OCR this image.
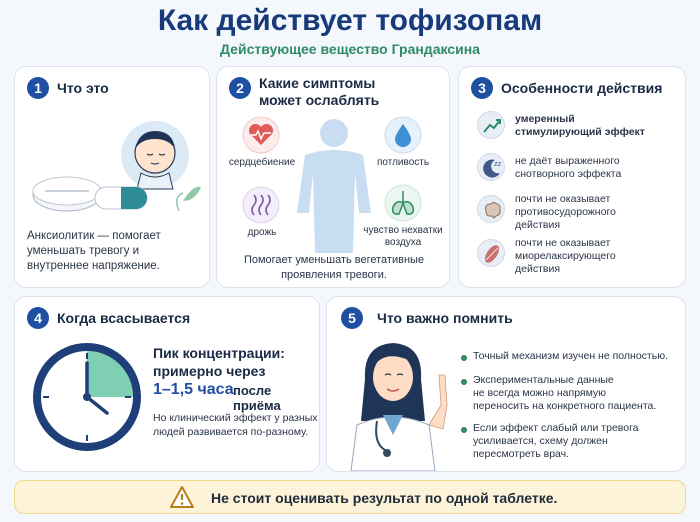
Как действует тофизопам
Действующее вещество Грандаксина
1	Что это
Анксиолитик — помогает уменьшать тревогу и внутреннее напряжение.
2	Какие симптомы
может ослаблять
сердцебиение	потливость
дрожь	чувство нехватки
воздуха
Помогает уменьшать вегетативные
проявления тревоги.
3	Особенности действия
умеренный
стимулирующий эффект
zz не даёт выраженного
снотворного эффекта
почти не оказывает
противосудорожного
действия
почти не оказывает
миорелаксирующего
действия
4	Когда всасывается
Пик концентрации:
примерно через
1–1,5 часа после приёма
Но клинический эффект у разных
людей развивается по-разному.
5	Что важно помнить
Точный механизм изучен не полностью.
Экспериментальные данные
не всегда можно напрямую
переносить на конкретного пациента.
Если эффект слабый или тревога
усиливается, схему должен
пересмотреть врач.
Не стоит оценивать результат по одной таблетке.
